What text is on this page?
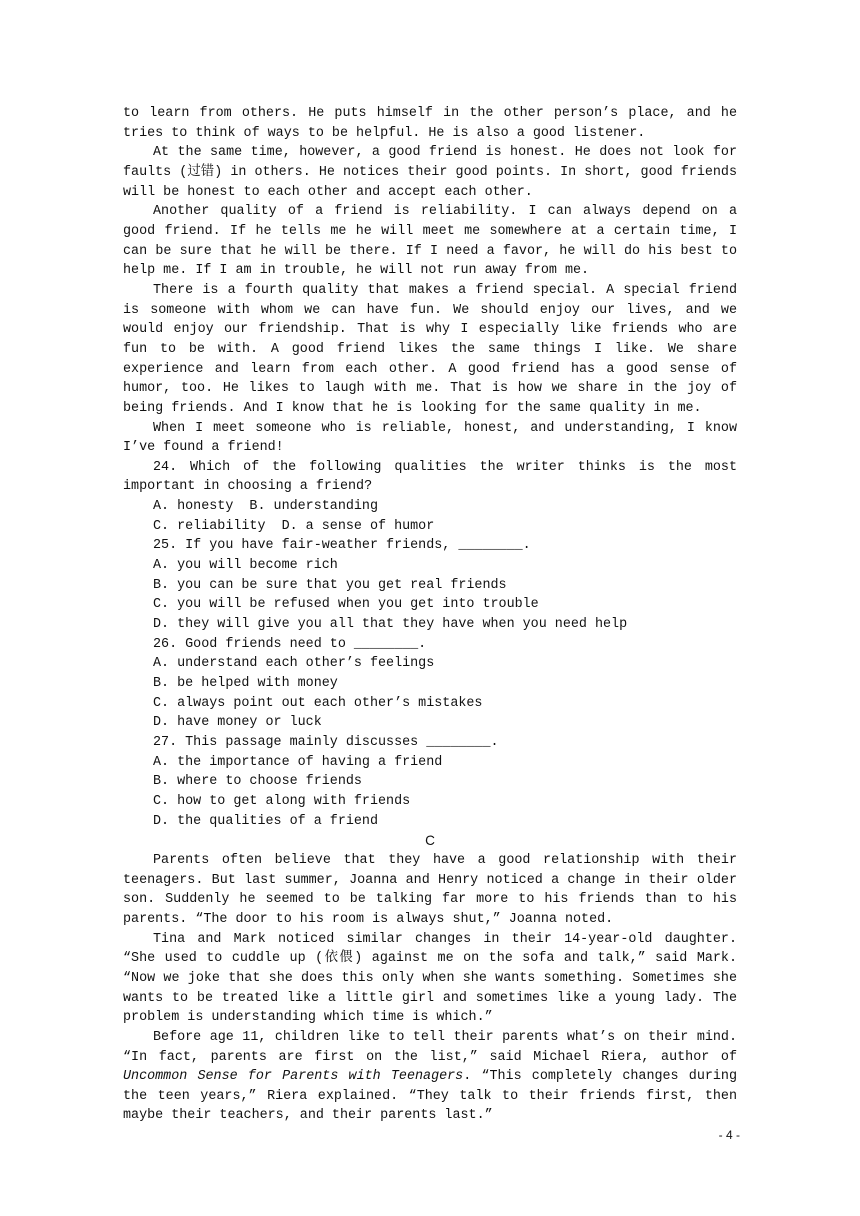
to learn from others. He puts himself in the other person’s place, and he tries to think of ways to be helpful. He is also a good listener.

At the same time, however, a good friend is honest. He does not look for faults (过错) in others. He notices their good points. In short, good friends will be honest to each other and accept each other.

Another quality of a friend is reliability. I can always depend on a good friend. If he tells me he will meet me somewhere at a certain time, I can be sure that he will be there. If I need a favor, he will do his best to help me. If I am in trouble, he will not run away from me.

There is a fourth quality that makes a friend special. A special friend is someone with whom we can have fun. We should enjoy our lives, and we would enjoy our friendship. That is why I especially like friends who are fun to be with. A good friend likes the same things I like. We share experience and learn from each other. A good friend has a good sense of humor, too. He likes to laugh with me. That is how we share in the joy of being friends. And I know that he is looking for the same quality in me.

When I meet someone who is reliable, honest, and understanding, I know I’ve found a friend!

24. Which of the following qualities the writer thinks is the most important in choosing a friend?

A. honesty  B. understanding

C. reliability  D. a sense of humor

25. If you have fair-weather friends, ________.

A. you will become rich

B. you can be sure that you get real friends

C. you will be refused when you get into trouble

D. they will give you all that they have when you need help

26. Good friends need to ________.

A. understand each other’s feelings

B. be helped with money

C. always point out each other’s mistakes

D. have money or luck

27. This passage mainly discusses ________.

A. the importance of having a friend

B. where to choose friends

C. how to get along with friends

D. the qualities of a friend

C

Parents often believe that they have a good relationship with their teenagers. But last summer, Joanna and Henry noticed a change in their older son. Suddenly he seemed to be talking far more to his friends than to his parents. “The door to his room is always shut,” Joanna noted.

Tina and Mark noticed similar changes in their 14-year-old daughter. “She used to cuddle up (依偎) against me on the sofa and talk,” said Mark. “Now we joke that she does this only when she wants something. Sometimes she wants to be treated like a little girl and sometimes like a young lady. The problem is understanding which time is which.”

Before age 11, children like to tell their parents what’s on their mind. “In fact, parents are first on the list,” said Michael Riera, author of Uncommon Sense for Parents with Teenagers. “This completely changes during the teen years,” Riera explained. “They talk to their friends first, then maybe their teachers, and their parents last.”

- 4 -
